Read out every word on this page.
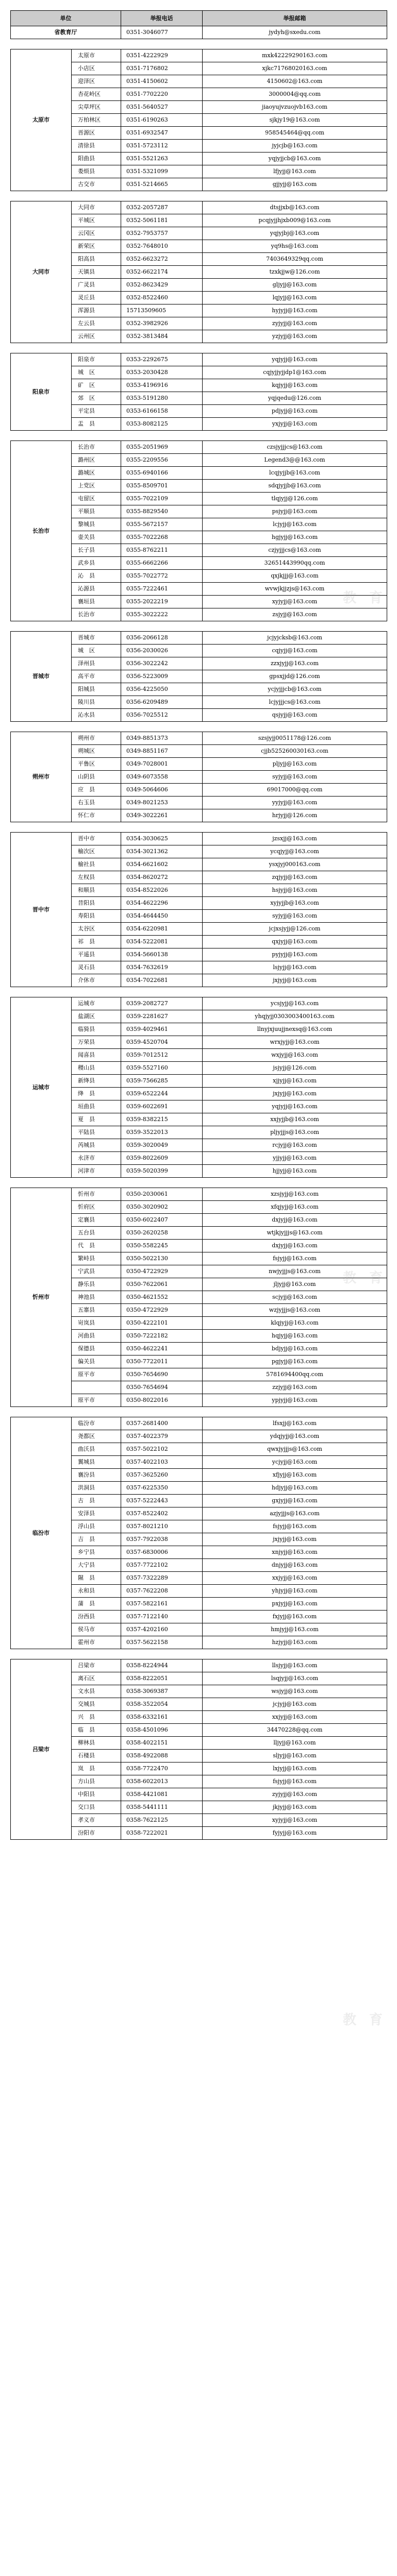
单位		举报电话	举报邮箱
省教育厅		0351-3046077	jydyh@sxedu.com

太原市	太原市	0351-4222929	mxk42229290163.com
	小店区	0351-7176802	xjkc71768020163.com
	迎泽区	0351-4150602	4150602@163.com
	杏花岭区	0351-7702220	3000004@qq.com
	尖草坪区	0351-5640527	jiaoyujvzuojvb163.com
	万柏林区	0351-6190263	sjkjy19@163.com
	晋源区	0351-6932547	958545464@qq.com
	清徐县	0351-5723112	jyjcjb@163.com
	阳曲县	0351-5521263	yqjyjjcb@163.com
	娄烦县	0351-5321099	lfjyjj@163.com
	古交市	0351-5214665	gjjyjj@163.com

大同市	大同市	0352-2057287	dtsjjxb@163.com
	平城区	0352-5061181	pcqjyjjhjxb009@163.com
	云冈区	0352-7953757	yqjyjbj@163.com
	新荣区	0352-7648010	yq9hs@163.com
	阳高县	0352-6623272	7403649329qq.com
	天镇县	0352-6622174	tzxkjjw@126.com
	广灵县	0352-8623429	gljyjj@163.com
	灵丘县	0352-8522460	lqjyjj@163.com
	浑源县	15713509605	hyjyjj@163.com
	左云县	0352-3982926	zyjyjj@163.com
	云州区	0352-3813484	yzjyjj@163.com

阳泉市	阳泉市	0353-2292675	yqjyjj@163.com
	城　区	0353-2030428	cqjyjjyjjdp1@163.com
	矿　区	0353-4196916	kqjyjj@163.com
	郊　区	0353-5191280	yqjqedu@126.com
	平定县	0353-6166158	pdjyjj@163.com
	盂　县	0353-8082125	yxjyjj@163.com

长治市	长治市	0355-2051969	czsjyjjjcs@163.com
	潞州区	0355-2209556	Legend3@@163.com
	潞城区	0355-6940166	lcqjyjjb@163.com
	上党区	0355-8509701	sdqjyjjb@163.com
	屯留区	0355-7022109	tlqjyjj@126.com
	平顺县	0355-8829540	psjyjj@163.com
	黎城县	0355-5672157	lcjyjj@163.com
	壶关县	0355-7022268	hgjyjj@163.com
	长子县	0355-8762211	czjyjjjcs@163.com
	武乡县	0355-6662266	32651443990qq.com
	沁　县	0355-7022772	qxjkjjj@163.com
	沁源县	0355-7222461	wvwjkjjzjs@163.com
	襄垣县	0355-2022219	xyjyjj@163.com
	长治市	0355-3022222	zsjyjj@163.com

晋城市	晋城市	0356-2066128	jcjyjcksb@163.com
	城　区	0356-2030026	cqjyjj@163.com
	泽州县	0356-3022242	zzxjyjj@163.com
	高平市	0356-5223009	gpsxjjd@126.com
	阳城县	0356-4225050	ycjyjjjcb@163.com
	陵川县	0356-6209489	lcjyjjjcs@163.com
	沁水县	0356-7025512	qsjyjj@163.com

朔州市	朔州市	0349-8851373	szsjyjj0051178@126.com
	朔城区	0349-8851167	cjjb525260030163.com
	平鲁区	0349-7028001	pljyjj@163.com
	山阴县	0349-6073558	syjyjj@163.com
	应　县	0349-5064606	69017000@qq.com
	右玉县	0349-8021253	yyjyjj@163.com
	怀仁市	0349-3022261	hrjyjj@126.com

晋中市	晋中市	0354-3030625	jzsxjj@163.com
	榆次区	0354-3021362	ycqjyjj@163.com
	榆社县	0354-6621602	ysxjyj000163.com
	左权县	0354-8620272	zqjyjj@163.com
	和顺县	0354-8522026	hsjyjj@163.com
	昔阳县	0354-4622296	xyjyjjb@163.com
	寿阳县	0354-4644450	syjyjj@163.com
	太谷区	0354-6220981	jcjxsjyjj@126.com
	祁　县	0354-5222081	qxjyjj@163.com
	平遥县	0354-5660138	pyjyjj@163.com
	灵石县	0354-7632619	lsjyjj@163.com
	介休市	0354-7022681	jxjyjj@163.com

运城市	运城市	0359-2082727	ycsjyjj@163.com
	盐湖区	0359-2281627	yhqjyjj0303003400163.com
	临猗县	0359-4029461	llnyjxjuujjnexsq@163.com
	万荣县	0359-4520704	wrxjyjj@163.com
	闻喜县	0359-7012512	wxjyjj@163.com
	稷山县	0359-5527160	jsjyjj@126.com
	新绛县	0359-7566285	xjjyjj@163.com
	绛　县	0359-6522244	jxjyjj@163.com
	垣曲县	0359-6022691	yqjyjj@163.com
	夏　县	0359-8382215	xxjyjjb@163.com
	平陆县	0359-3522013	pljyjjjs@163.com
	芮城县	0359-3020049	rcjyjj@163.com
	永济市	0359-8022609	yjjyjj@163.com
	河津市	0359-5020399	hjjyjj@163.com

忻州市	忻州市	0350-2030061	xzsjyjj@163.com
	忻府区	0350-3020902	xfqjyjj@163.com
	定襄县	0350-6022407	dxjyjj@163.com
	五台县	0350-2620258	wtjkjyjjjs@163.com
	代　县	0350-5582245	dxjyjj@163.com
	繁峙县	0350-5022130	fsjyjj@163.com
	宁武县	0350-4722929	nwjyjjjs@163.com
	静乐县	0350-7622061	jljyjj@163.com
	神池县	0350-4621552	scjyjj@163.com
	五寨县	0350-4722929	wzjyjjjs@163.com
	岢岚县	0350-4222101	klqjyjj@163.com
	河曲县	0350-7222182	hqjyjj@163.com
	保德县	0350-4622241	bdjyjj@163.com
	偏关县	0350-7722011	pgjyjj@163.com
	原平市	0350-7654690	5781694400qq.com
		0350-7654694	zzjyjj@163.com
	原平市	0350-8022016	ypjyjj@163.com

临汾市	临汾市	0357-2681400	lfsxjj@163.com
	尧都区	0357-4022379	ydqjyjj@163.com
	曲沃县	0357-5022102	qwxjyjjjs@163.com
	翼城县	0357-4022103	ycjyjj@163.com
	襄汾县	0357-3625260	xfjyjj@163.com
	洪洞县	0357-6225350	hdjyjj@163.com
	古　县	0357-5222443	gxjyjj@163.com
	安泽县	0357-8522402	azjyjjjs@163.com
	浮山县	0357-8021210	fsjyjj@163.com
	吉　县	0357-7922038	jxjyjj@163.com
	乡宁县	0357-6830006	xnjyjj@163.com
	大宁县	0357-7722102	dnjyjj@163.com
	隰　县	0357-7322289	xxjyjj@163.com
	永和县	0357-7622208	yhjyjj@163.com
	蒲　县	0357-5822161	pxjyjj@163.com
	汾西县	0357-7122140	fxjyjj@163.com
	侯马市	0357-4202160	hmjyjj@163.com
	霍州市	0357-5622158	hzjyjj@163.com

吕梁市	吕梁市	0358-8224944	llsjyjj@163.com
	离石区	0358-8222051	lsqjyjj@163.com
	文水县	0358-3069387	wsjyjj@163.com
	交城县	0358-3522054	jcjyjj@163.com
	兴　县	0358-6332161	xxjyjj@163.com
	临　县	0358-4501096	34470228@qq.com
	柳林县	0358-4022151	lljyjj@163.com
	石楼县	0358-4922088	sljyjj@163.com
	岚　县	0358-7722470	lxjyjj@163.com
	方山县	0358-6022013	fsjyjj@163.com
	中阳县	0358-4421081	zyjyjj@163.com
	交口县	0358-5441111	jkjyjj@163.com
	孝义市	0358-7622125	xyjyjj@163.com
	汾阳市	0358-7222021	fyjyjj@163.com
教 育
教 育
教 育
